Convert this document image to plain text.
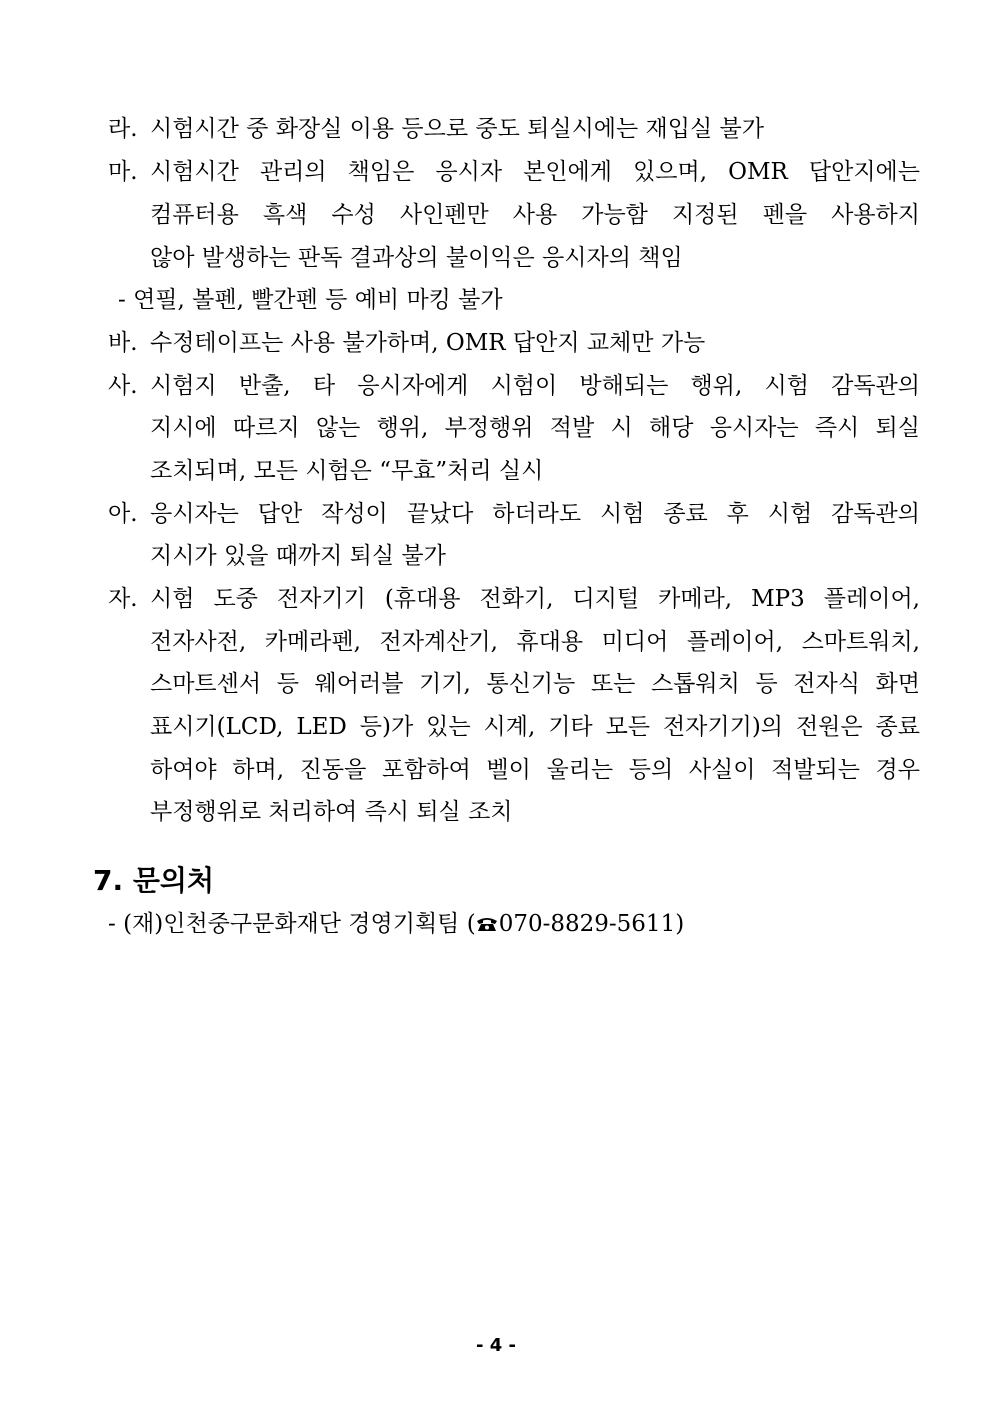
라. 시험시간 중 화장실 이용 등으로 중도 퇴실시에는 재입실 불가
마. 시험시간 관리의 책임은 응시자 본인에게 있으며, OMR 답안지에는
컴퓨터용 흑색 수성 사인펜만 사용 가능함 지정된 펜을 사용하지
않아 발생하는 판독 결과상의 불이익은 응시자의 책임
- 연필, 볼펜, 빨간펜 등 예비 마킹 불가
바. 수정테이프는 사용 불가하며, OMR 답안지 교체만 가능
사. 시험지 반출, 타 응시자에게 시험이 방해되는 행위, 시험 감독관의
지시에 따르지 않는 행위, 부정행위 적발 시 해당 응시자는 즉시 퇴실
조치되며, 모든 시험은 “무효”처리 실시
아. 응시자는 답안 작성이 끝났다 하더라도 시험 종료 후 시험 감독관의
지시가 있을 때까지 퇴실 불가
자. 시험 도중 전자기기 (휴대용 전화기, 디지털 카메라, MP3 플레이어,
전자사전, 카메라펜, 전자계산기, 휴대용 미디어 플레이어, 스마트워치,
스마트센서 등 웨어러블 기기, 통신기능 또는 스톱워치 등 전자식 화면
표시기(LCD, LED 등)가 있는 시계, 기타 모든 전자기기)의 전원은 종료
하여야 하며, 진동을 포함하여 벨이 울리는 등의 사실이 적발되는 경우
부정행위로 처리하여 즉시 퇴실 조치
7. 문의처
- (재)인천중구문화재단 경영기획팀 ( 070-8829-5611)
- 4 -
